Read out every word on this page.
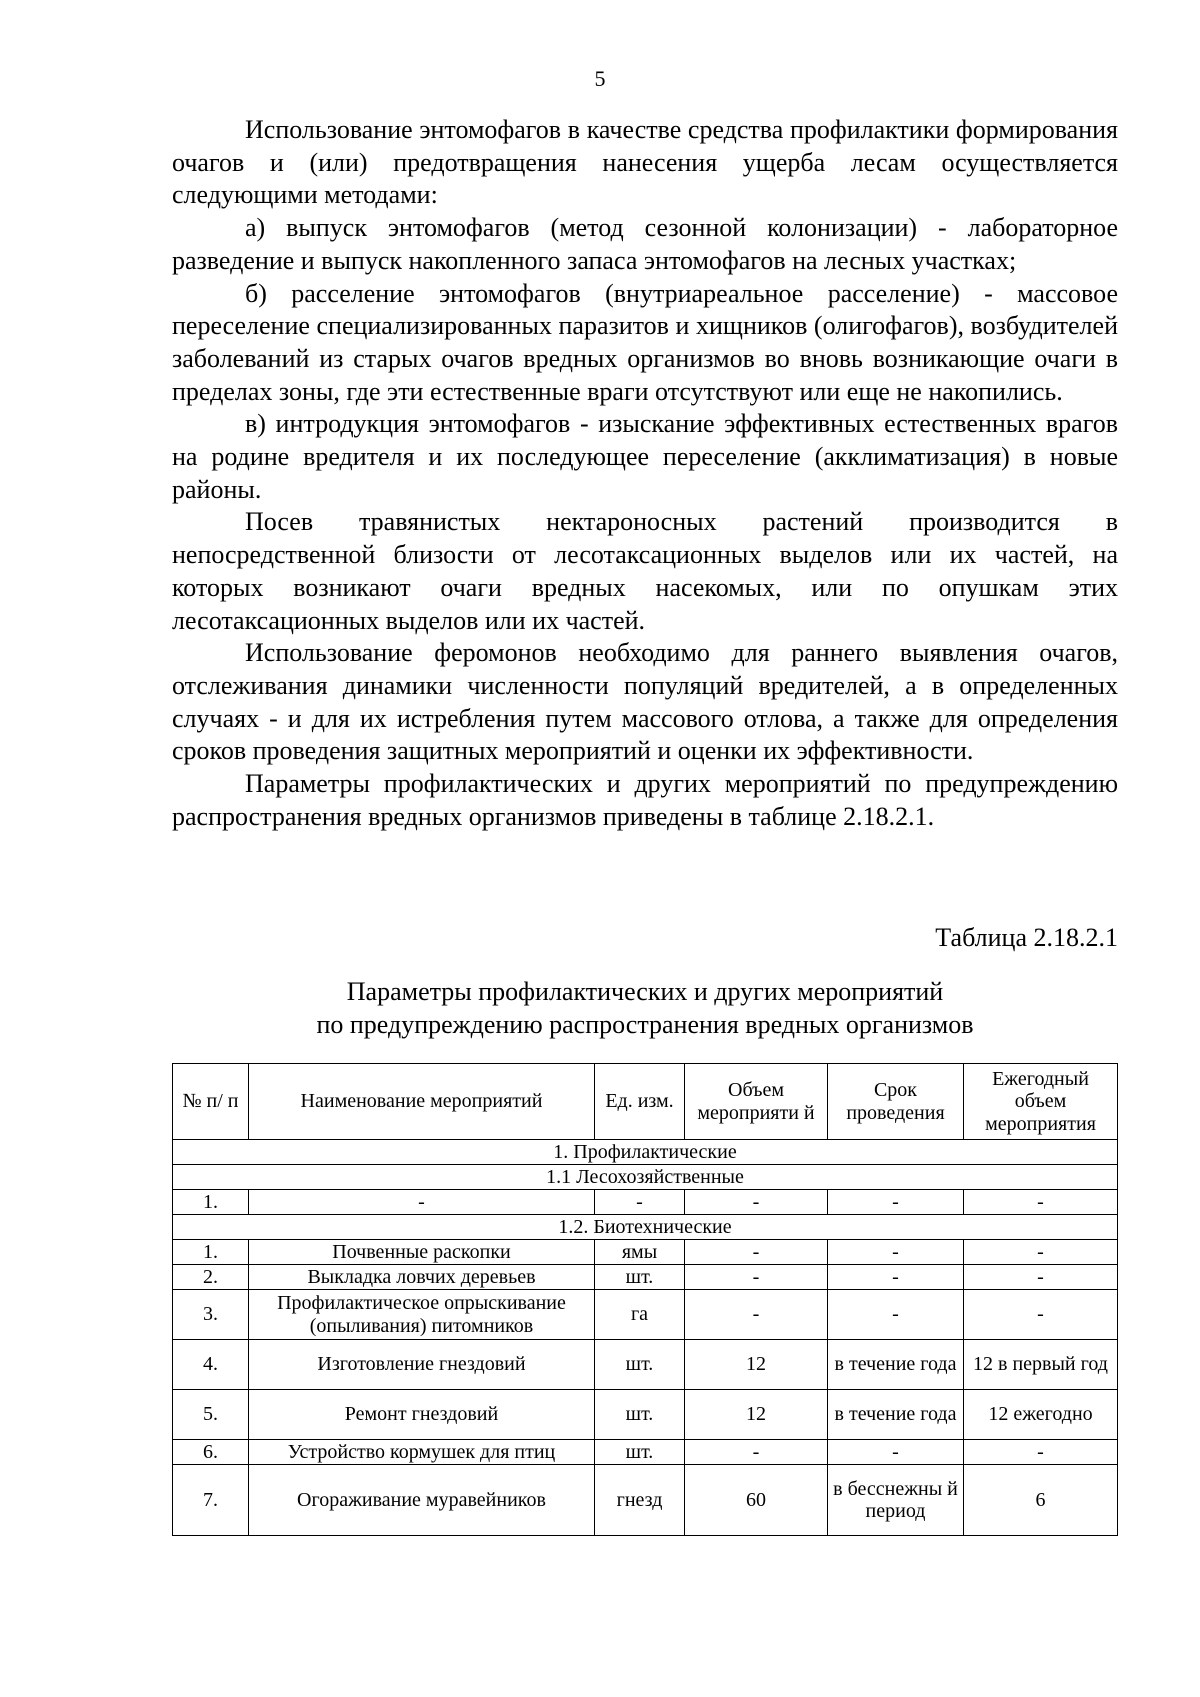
5

Использование энтомофагов в качестве средства профилактики формирования очагов и (или) предотвращения нанесения ущерба лесам осуществляется следующими методами:

а) выпуск энтомофагов (метод сезонной колонизации) - лабораторное разведение и выпуск накопленного запаса энтомофагов на лесных участках;

б) расселение энтомофагов (внутриареальное расселение) - массовое переселение специализированных паразитов и хищников (олигофагов), возбудителей заболеваний из старых очагов вредных организмов во вновь возникающие очаги в пределах зоны, где эти естественные враги отсутствуют или еще не накопились.

в) интродукция энтомофагов - изыскание эффективных естественных врагов на родине вредителя и их последующее переселение (акклиматизация) в новые районы.

Посев травянистых нектароносных растений производится в непосредственной близости от лесотаксационных выделов или их частей, на которых возникают очаги вредных насекомых, или по опушкам этих лесотаксационных выделов или их частей.

Использование феромонов необходимо для раннего выявления очагов, отслеживания динамики численности популяций вредителей, а в определенных случаях - и для их истребления путем массового отлова, а также для определения сроков проведения защитных мероприятий и оценки их эффективности.

Параметры профилактических и других мероприятий по предупреждению распространения вредных организмов приведены в таблице 2.18.2.1.

Таблица 2.18.2.1
Параметры профилактических и других мероприятий
по предупреждению распространения вредных организмов
№ п/ п	Наименование мероприятий	Ед. изм.	Объем мероприяти й	Срок проведения	Ежегодный объем мероприятия
1. Профилактические					
1.1 Лесохозяйственные					
1.	-	-	-	-	-
1.2. Биотехнические					
1.	Почвенные раскопки	ямы	-	-	-
2.	Выкладка ловчих деревьев	шт.	-	-	-
3.	Профилактическое опрыскивание (опыливания) питомников	га	-	-	-
4.	Изготовление гнездовий	шт.	12	в течение года	12 в первый год
5.	Ремонт гнездовий	шт.	12	в течение года	12 ежегодно
6.	Устройство кормушек для птиц	шт.	-	-	-
7.	Огораживание муравейников	гнезд	60	в бесснежны й период	6
